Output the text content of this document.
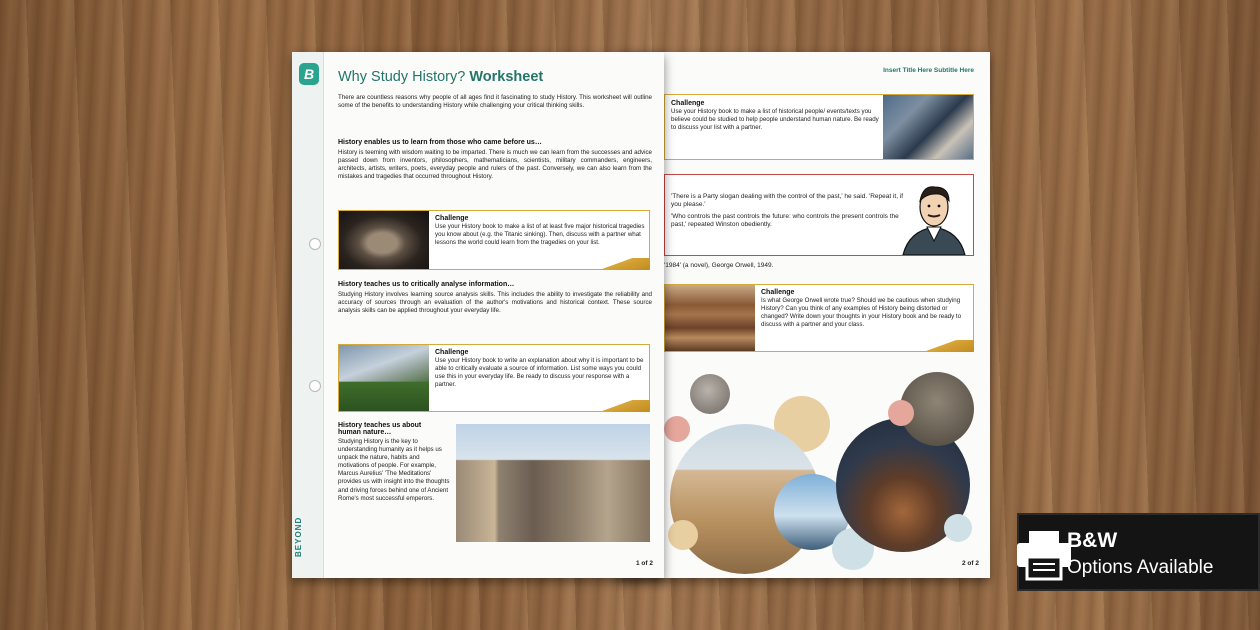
B
BEYOND
Why Study History? Worksheet
There are countless reasons why people of all ages find it fascinating to study History. This worksheet will outline some of the benefits to understanding History while challenging your critical thinking skills.
History enables us to learn from those who came before us…
History is teeming with wisdom waiting to be imparted. There is much we can learn from the successes and advice passed down from inventors, philosophers, mathematicians, scientists, military commanders, engineers, architects, artists, writers, poets, everyday people and rulers of the past. Conversely, we can also learn from the mistakes and tragedies that occurred throughout History.
Challenge
Use your History book to make a list of at least five major historical tragedies you know about (e.g. the Titanic sinking). Then, discuss with a partner what lessons the world could learn from the tragedies on your list.
History teaches us to critically analyse information…
Studying History involves learning source analysis skills. This includes the ability to investigate the reliability and accuracy of sources through an evaluation of the author's motivations and historical context. These source analysis skills can be applied throughout your everyday life.
Challenge
Use your History book to write an explanation about why it is important to be able to critically evaluate a source of information. List some ways you could use this in your everyday life. Be ready to discuss your response with a partner.
History teaches us about
human nature…
Studying History is the key to understanding humanity as it helps us unpack the nature, habits and motivations of people. For example, Marcus Aurelius' 'The Meditations' provides us with insight into the thoughts and driving forces behind one of Ancient Rome's most successful emperors.
1 of 2
Insert Title Here Subtitle Here
Challenge
Use your History book to make a list of historical people/ events/texts you believe could be studied to help people understand human nature. Be ready to discuss your list with a partner.
'There is a Party slogan dealing with the control of the past,' he said. 'Repeat it, if you please.'
'Who controls the past controls the future: who controls the present controls the past,' repeated Winston obediently.
'1984' (a novel), George Orwell, 1949.
Challenge
Is what George Orwell wrote true? Should we be cautious when studying History? Can you think of any examples of History being distorted or changed? Write down your thoughts in your History book and be ready to discuss with a partner and your class.
2 of 2
B&W
Options Available
